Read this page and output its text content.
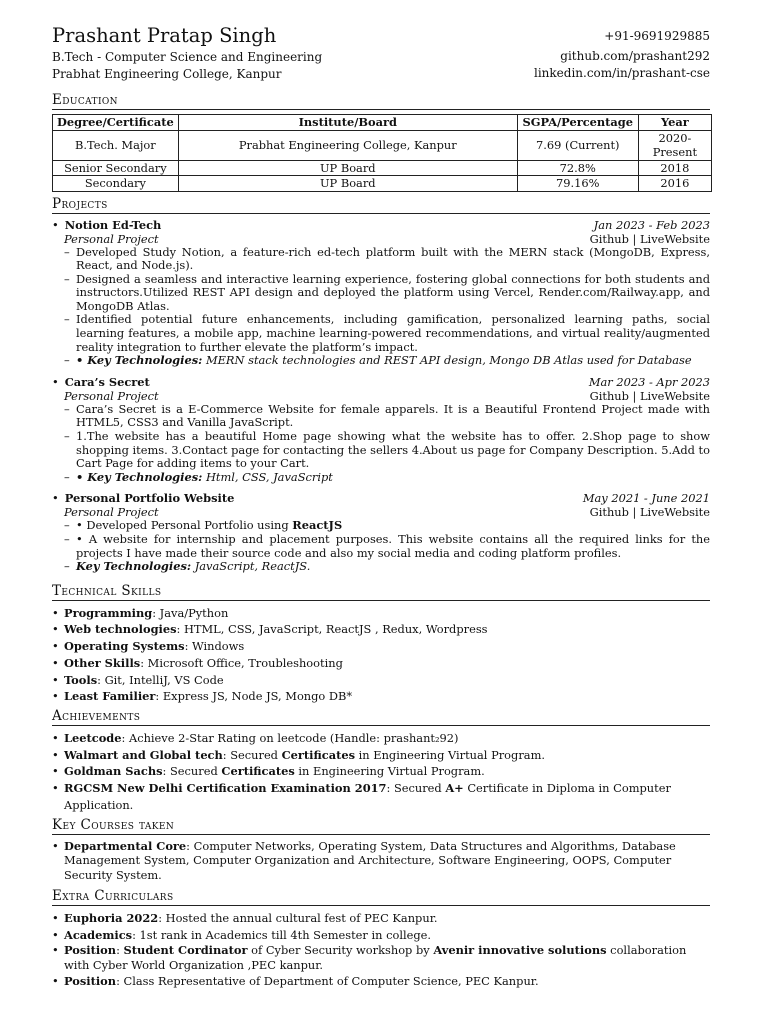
Prashant Pratap Singh
B.Tech - Computer Science and Engineering
Prabhat Engineering College, Kanpur
+91-9691929885
github.com/prashant292
linkedin.com/in/prashant-cse
Education
Degree/Certificate	Institute/Board	SGPA/Percentage	Year
B.Tech. Major	Prabhat Engineering College, Kanpur	7.69 (Current)	2020-Present
Senior Secondary	UP Board	72.8%	2018
Secondary	UP Board	79.16%	2016
Projects
• Notion Ed-Tech	Jan 2023 - Feb 2023
Personal Project	Github | LiveWebsite
– Developed Study Notion, a feature-rich ed-tech platform built with the MERN stack (MongoDB, Express, React, and Node.js).
– Designed a seamless and interactive learning experience, fostering global connections for both students and instructors.Utilized REST API design and deployed the platform using Vercel, Render.com/Railway.app, and MongoDB Atlas.
– Identified potential future enhancements, including gamification, personalized learning paths, social learning features, a mobile app, machine learning-powered recommendations, and virtual reality/augmented reality integration to further elevate the platform’s impact.
– • Key Technologies: MERN stack technologies and REST API design, Mongo DB Atlas used for Database
• Cara’s Secret	Mar 2023 - Apr 2023
Personal Project	Github | LiveWebsite
– Cara’s Secret is a E-Commerce Website for female apparels. It is a Beautiful Frontend Project made with HTML5, CSS3 and Vanilla JavaScript.
– 1.The website has a beautiful Home page showing what the website has to offer. 2.Shop page to show shopping items. 3.Contact page for contacting the sellers 4.About us page for Company Description. 5.Add to Cart Page for adding items to your Cart.
– • Key Technologies: Html, CSS, JavaScript
• Personal Portfolio Website	May 2021 - June 2021
Personal Project	Github | LiveWebsite
– • Developed Personal Portfolio using ReactJS
– • A website for internship and placement purposes. This website contains all the required links for the projects I have made their source code and also my social media and coding platform profiles.
– Key Technologies: JavaScript, ReactJS.
Technical Skills
• Programming: Java/Python
• Web technologies: HTML, CSS, JavaScript, ReactJS , Redux, Wordpress
• Operating Systems: Windows
• Other Skills: Microsoft Office, Troubleshooting
• Tools: Git, IntelliJ, VS Code
• Least Familier: Express JS, Node JS, Mongo DB*
Achievements
• Leetcode: Achieve 2-Star Rating on leetcode (Handle: prashant₂92)
• Walmart and Global tech: Secured Certificates in Engineering Virtual Program.
• Goldman Sachs: Secured Certificates in Engineering Virtual Program.
• RGCSM New Delhi Certification Examination 2017: Secured A+ Certificate in Diploma in Computer Application.
Key Courses taken
• Departmental Core: Computer Networks, Operating System, Data Structures and Algorithms, Database Management System, Computer Organization and Architecture, Software Engineering, OOPS, Computer Security System.
Extra Curriculars
• Euphoria 2022: Hosted the annual cultural fest of PEC Kanpur.
• Academics: 1st rank in Academics till 4th Semester in college.
• Position: Student Cordinator of Cyber Security workshop by Avenir innovative solutions collaboration with Cyber World Organization ,PEC kanpur.
• Position: Class Representative of Department of Computer Science, PEC Kanpur.
